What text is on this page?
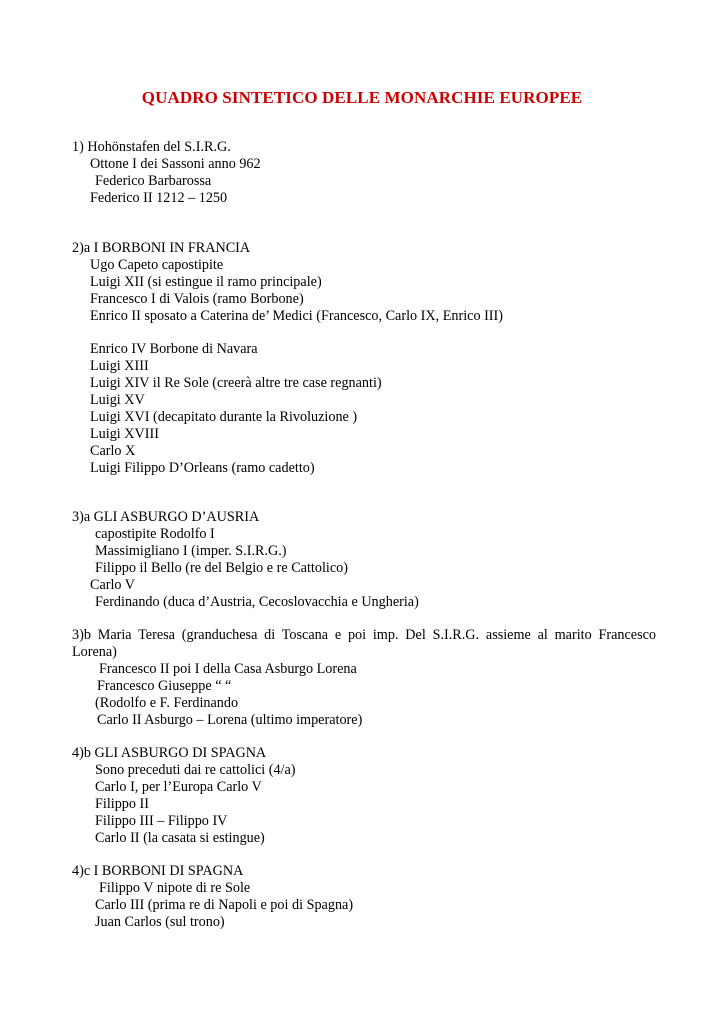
QUADRO SINTETICO DELLE MONARCHIE EUROPEE
1) Hohönstafen del S.I.R.G.
Ottone I dei Sassoni anno 962
Federico Barbarossa
Federico II 1212 – 1250
2)a I BORBONI IN FRANCIA
Ugo Capeto capostipite
Luigi XII (si estingue il ramo principale)
Francesco I di Valois (ramo Borbone)
Enrico II sposato a Caterina de’ Medici (Francesco, Carlo IX, Enrico III)
Enrico IV Borbone di Navara
Luigi XIII
Luigi XIV il Re Sole (creerà altre tre case regnanti)
Luigi XV
Luigi XVI (decapitato durante la Rivoluzione )
Luigi XVIII
Carlo X
Luigi Filippo D’Orleans (ramo cadetto)
3)a GLI ASBURGO D’AUSRIA
capostipite Rodolfo I
Massimigliano I (imper. S.I.R.G.)
Filippo il Bello (re del Belgio e re Cattolico)
Carlo V
Ferdinando (duca d’Austria, Cecoslovacchia e Ungheria)
3)b Maria Teresa (granduchesa di Toscana e poi imp. Del S.I.R.G. assieme al marito Francesco
Lorena)
Francesco II poi I della Casa Asburgo Lorena
Francesco Giuseppe “ “
(Rodolfo e F. Ferdinando
Carlo II Asburgo – Lorena (ultimo imperatore)
4)b GLI ASBURGO DI SPAGNA
Sono preceduti dai re cattolici (4/a)
Carlo I, per l’Europa Carlo V
Filippo II
Filippo III – Filippo IV
Carlo II (la casata si estingue)
4)c I BORBONI DI SPAGNA
Filippo V nipote di re Sole
Carlo III (prima re di Napoli e poi di Spagna)
Juan Carlos (sul trono)
